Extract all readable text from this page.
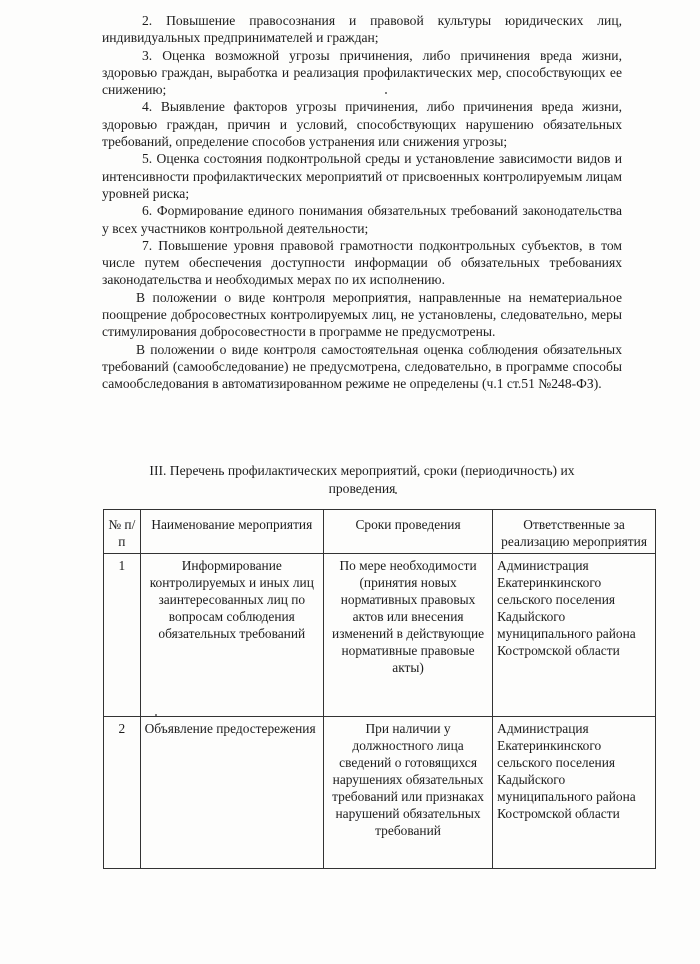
2. Повышение правосознания и правовой культуры юридических лиц, индивидуальных предпринимателей и граждан;

3. Оценка возможной угрозы причинения, либо причинения вреда жизни, здоровью граждан, выработка и реализация профилактических мер, способствующих ее снижению;

4. Выявление факторов угрозы причинения, либо причинения вреда жизни, здоровью граждан, причин и условий, способствующих нарушению обязательных требований, определение способов устранения или снижения угрозы;

5. Оценка состояния подконтрольной среды и установление зависимости видов и интенсивности профилактических мероприятий от присвоенных контролируемым лицам уровней риска;

6. Формирование единого понимания обязательных требований законодательства у всех участников контрольной деятельности;

7. Повышение уровня правовой грамотности подконтрольных субъектов, в том числе путем обеспечения доступности информации об обязательных требованиях законодательства и необходимых мерах по их исполнению.

В положении о виде контроля мероприятия, направленные на нематериальное поощрение добросовестных контролируемых лиц, не установлены, следовательно, меры стимулирования добросовестности в программе не предусмотрены.

В положении о виде контроля самостоятельная оценка соблюдения обязательных требований (самообследование) не предусмотрена, следовательно, в программе способы самообследования в автоматизированном режиме не определены (ч.1 ст.51 №248-ФЗ).

III. Перечень профилактических мероприятий, сроки (периодичность) их проведения
№ п/п	Наименование мероприятия	Сроки проведения	Ответственные за реализацию мероприятия
1	Информирование контролируемых и иных лиц заинтересованных лиц по вопросам соблюдения обязательных требований	По мере необходимости (принятия новых нормативных правовых актов или внесения изменений в действующие нормативные правовые акты)	Администрация Екатеринкинского сельского поселения Кадыйского муниципального района Костромской области
2	Объявление предостережения	При наличии у должностного лица сведений о готовящихся нарушениях обязательных требований или признаках нарушений обязательных требований	Администрация Екатеринкинского сельского поселения Кадыйского муниципального района Костромской области
